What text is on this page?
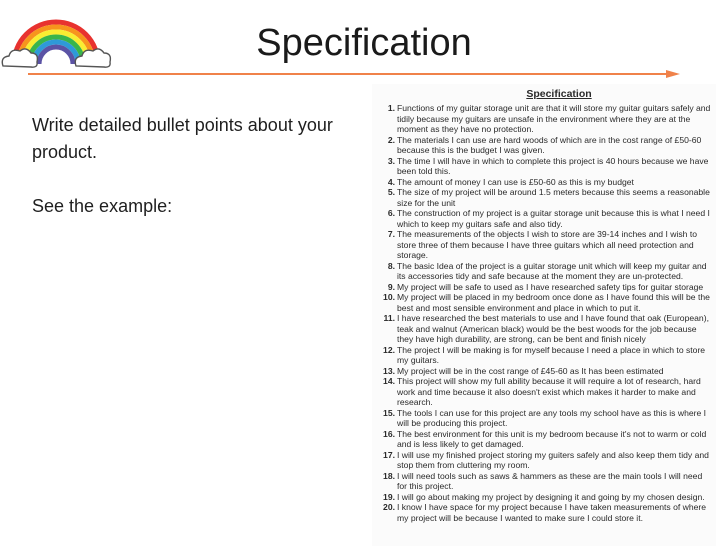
Specification

Write detailed bullet points about your product.

See the example:

Specification
1. Functions of my guitar storage unit are that it will store my guitar guitars safely and tidily because my guitars are unsafe in the environment where they are at the moment as they have no protection.
2. The materials I can use are hard woods of which are in the cost range of £50-60 because this is the budget I was given.
3. The time I will have in which to complete this project is 40 hours because we have been told this.
4. The amount of money I can use is £50-60 as this is my budget
5. The size of my project will be around 1.5 meters because this seems a reasonable size for the unit
6. The construction of my project is a guitar storage unit because this is what I need I which to keep my guitars safe and also tidy.
7. The measurements of the objects I wish to store are 39-14 inches and I wish to store three of them because I have three guitars which all need protection and storage.
8. The basic Idea of the project is a guitar storage unit which will keep my guitar and its accessories tidy and safe because at the moment they are un-protected.
9. My project will be safe to used as I have researched safety tips for guitar storage
10. My project will be placed in my bedroom once done as I have found this will be the best and most sensible environment and place in which to put it.
11. I have researched the best materials to use and I have found that oak (European), teak and walnut (American black) would be the best woods for the job because they have high durability, are strong, can be bent and finish nicely
12. The project I will be making is for myself because I need a place in which to store my guitars.
13. My project will be in the cost range of £45-60 as It has been estimated
14. This project will show my full ability because it will require a lot of research, hard work and time because it also doesn't exist which makes it harder to make and research.
15. The tools I can use for this project are any tools my school have as this is where I will be producing this project.
16. The best environment for this unit is my bedroom because it's not to warm or cold and is less likely to get damaged.
17. I will use my finished project storing my guiters safely and also keep them tidy and stop them from cluttering my room.
18. I will need tools such as saws & hammers as these are the main tools I will need for this project.
19. I will go about making my project by designing it and going by my chosen design.
20. I know I have space for my project because I have taken measurements of where my project will be because I wanted to make sure I could store it.
